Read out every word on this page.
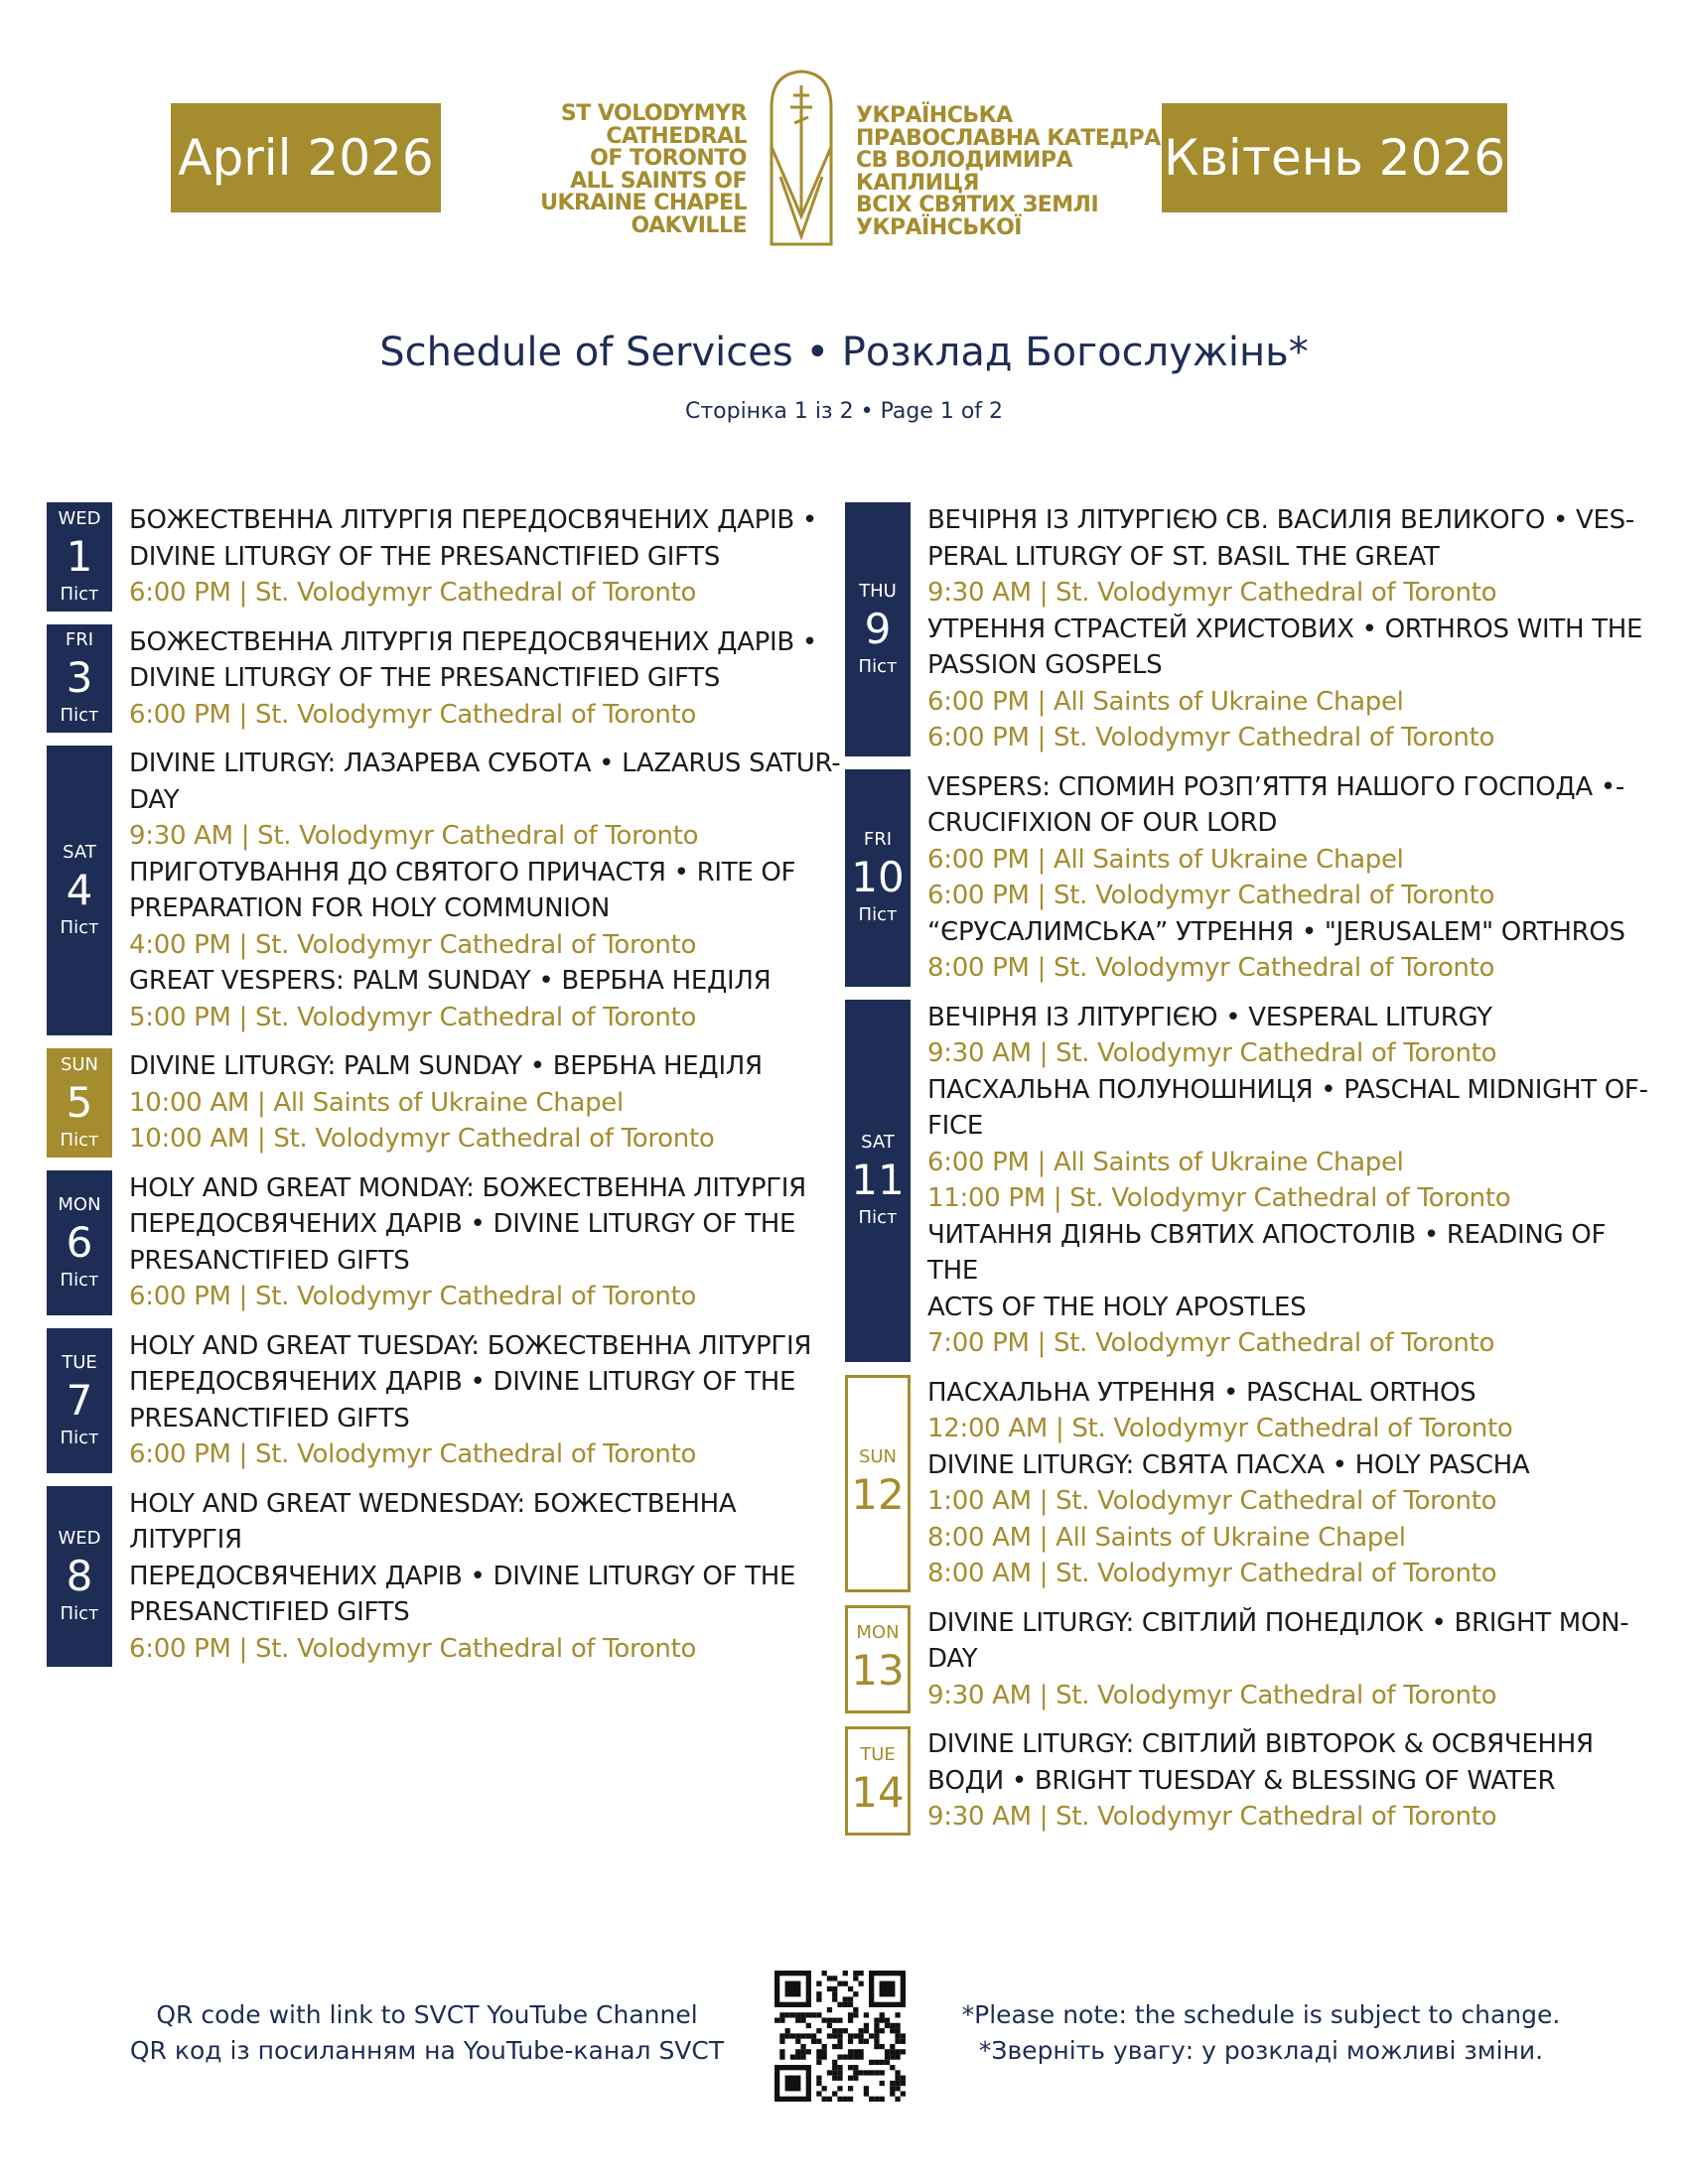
April 2026	Квітень 2026
ST VOLODYMYR
CATHEDRAL
OF TORONTO
ALL SAINTS OF
UKRAINE CHAPEL
OAKVILLE
УКРАЇНСЬКА
ПРАВОСЛАВНА КАТЕДРА
СВ ВОЛОДИМИРА
КАПЛИЦЯ
ВСІХ СВЯТИХ ЗЕМЛІ
УКРАЇНСЬКОЇ
Schedule of Services • Розклад Богослужінь*
Сторінка 1 із 2 • Page 1 of 2
WED
1
Піст
БОЖЕСТВЕННА ЛІТУРГІЯ ПЕРЕДОСВЯЧЕНИХ ДАРІВ •
DIVINE LITURGY OF THE PRESANCTIFIED GIFTS
6:00 PM | St. Volodymyr Cathedral of Toronto
FRI
3
Піст
БОЖЕСТВЕННА ЛІТУРГІЯ ПЕРЕДОСВЯЧЕНИХ ДАРІВ •
DIVINE LITURGY OF THE PRESANCTIFIED GIFTS
6:00 PM | St. Volodymyr Cathedral of Toronto
SAT
4
Піст
DIVINE LITURGY: ЛАЗАРЕВА СУБОТА • LAZARUS SATUR-
DAY
9:30 AM | St. Volodymyr Cathedral of Toronto
ПРИГОТУВАННЯ ДО СВЯТОГО ПРИЧАСТЯ • RITE OF
PREPARATION FOR HOLY COMMUNION
4:00 PM | St. Volodymyr Cathedral of Toronto
GREAT VESPERS: PALM SUNDAY • ВЕРБНА НЕДІЛЯ
5:00 PM | St. Volodymyr Cathedral of Toronto
SUN
5
Піст
DIVINE LITURGY: PALM SUNDAY • ВЕРБНА НЕДІЛЯ
10:00 AM | All Saints of Ukraine Chapel
10:00 AM | St. Volodymyr Cathedral of Toronto
MON
6
Піст
HOLY AND GREAT MONDAY: БОЖЕСТВЕННА ЛІТУРГІЯ
ПЕРЕДОСВЯЧЕНИХ ДАРІВ • DIVINE LITURGY OF THE
PRESANCTIFIED GIFTS
6:00 PM | St. Volodymyr Cathedral of Toronto
TUE
7
Піст
HOLY AND GREAT TUESDAY: БОЖЕСТВЕННА ЛІТУРГІЯ
ПЕРЕДОСВЯЧЕНИХ ДАРІВ • DIVINE LITURGY OF THE
PRESANCTIFIED GIFTS
6:00 PM | St. Volodymyr Cathedral of Toronto
WED
8
Піст
HOLY AND GREAT WEDNESDAY: БОЖЕСТВЕННА ЛІТУРГІЯ
ПЕРЕДОСВЯЧЕНИХ ДАРІВ • DIVINE LITURGY OF THE
PRESANCTIFIED GIFTS
6:00 PM | St. Volodymyr Cathedral of Toronto
THU
9
Піст
ВЕЧІРНЯ ІЗ ЛІТУРГІЄЮ СВ. ВАСИЛІЯ ВЕЛИКОГО • VES-
PERAL LITURGY OF ST. BASIL THE GREAT
9:30 AM | St. Volodymyr Cathedral of Toronto
УТРЕННЯ СТРАСТЕЙ ХРИСТОВИХ • ORTHROS WITH THE
PASSION GOSPELS
6:00 PM | All Saints of Ukraine Chapel
6:00 PM | St. Volodymyr Cathedral of Toronto
FRI
10
Піст
VESPERS: СПОМИН РОЗП’ЯТТЯ НАШОГО ГОСПОДА •-
CRUCIFIXION OF OUR LORD
6:00 PM | All Saints of Ukraine Chapel
6:00 PM | St. Volodymyr Cathedral of Toronto
“ЄРУСАЛИМСЬКА” УТРЕННЯ • "JERUSALEM" ORTHROS
8:00 PM | St. Volodymyr Cathedral of Toronto
SAT
11
Піст
ВЕЧІРНЯ ІЗ ЛІТУРГІЄЮ • VESPERAL LITURGY
9:30 AM | St. Volodymyr Cathedral of Toronto
ПАСХАЛЬНА ПОЛУНОШНИЦЯ • PASCHAL MIDNIGHT OF-
FICE
6:00 PM | All Saints of Ukraine Chapel
11:00 PM | St. Volodymyr Cathedral of Toronto
ЧИТАННЯ ДІЯНЬ СВЯТИХ АПОСТОЛІВ • READING OF THE
ACTS OF THE HOLY APOSTLES
7:00 PM | St. Volodymyr Cathedral of Toronto
SUN
12
ПАСХАЛЬНА УТРЕННЯ • PASCHAL ORTHOS
12:00 AM | St. Volodymyr Cathedral of Toronto
DIVINE LITURGY: СВЯТА ПАСХА • HOLY PASCHA
1:00 AM | St. Volodymyr Cathedral of Toronto
8:00 AM | All Saints of Ukraine Chapel
8:00 AM | St. Volodymyr Cathedral of Toronto
MON
13
DIVINE LITURGY: СВІТЛИЙ ПОНЕДІЛОК • BRIGHT MON-
DAY
9:30 AM | St. Volodymyr Cathedral of Toronto
TUE
14
DIVINE LITURGY: СВІТЛИЙ ВІВТОРОК & ОСВЯЧЕННЯ
ВОДИ • BRIGHT TUESDAY & BLESSING OF WATER
9:30 AM | St. Volodymyr Cathedral of Toronto
QR code with link to SVCT YouTube Channel
QR код із посиланням на YouTube-канал SVCT
*Please note: the schedule is subject to change.
*Зверніть увагу: у розкладі можливі зміни.
